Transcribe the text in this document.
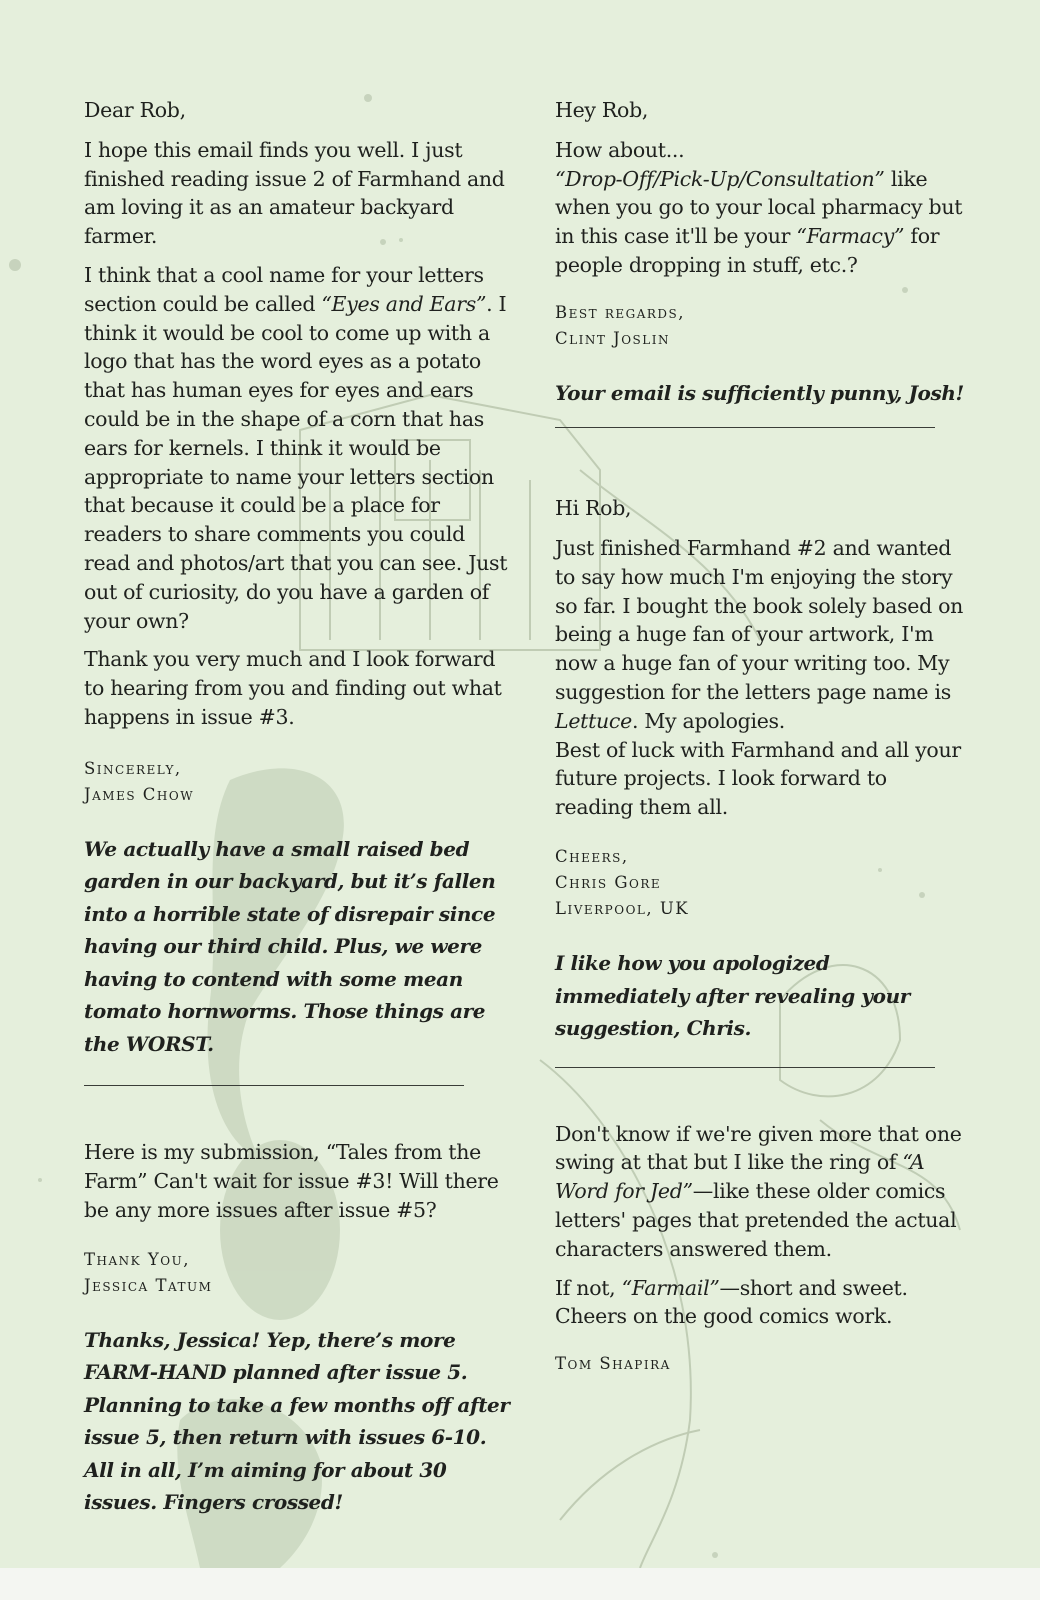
Dear Rob,

I hope this email finds you well. I just finished reading issue 2 of Farmhand and am loving it as an amateur backyard farmer.

I think that a cool name for your letters section could be called “Eyes and Ears”. I think it would be cool to come up with a logo that has the word eyes as a potato that has human eyes for eyes and ears could be in the shape of a corn that has ears for kernels. I think it would be appropriate to name your letters section that because it could be a place for readers to share comments you could read and photos/art that you can see. Just out of curiosity, do you have a garden of your own?

Thank you very much and I look forward to hearing from you and finding out what happens in issue #3.

Sincerely,
James Chow

We actually have a small raised bed garden in our backyard, but it’s fallen into a horrible state of disrepair since having our third child. Plus, we were having to contend with some mean tomato hornworms. Those things are the WORST.

Here is my submission, “Tales from the Farm” Can't wait for issue #3! Will there be any more issues after issue #5?

Thank You,
Jessica Tatum

Thanks, Jessica! Yep, there’s more FARM-HAND planned after issue 5. Planning to take a few months off after issue 5, then return with issues 6-10. All in all, I’m aiming for about 30 issues. Fingers crossed!

Hey Rob,

How about...
“Drop-Off/Pick-Up/Consultation” like when you go to your local pharmacy but in this case it'll be your “Farmacy” for people dropping in stuff, etc.?

Best regards,
Clint Joslin

Your email is sufficiently punny, Josh!

Hi Rob,

Just finished Farmhand #2 and wanted to say how much I'm enjoying the story so far. I bought the book solely based on being a huge fan of your artwork, I'm now a huge fan of your writing too. My suggestion for the letters page name is Lettuce. My apologies.
Best of luck with Farmhand and all your future projects. I look forward to reading them all.

Cheers,
Chris Gore
Liverpool, UK

I like how you apologized immediately after revealing your suggestion, Chris.

Don't know if we're given more that one swing at that but I like the ring of “A Word for Jed”—like these older comics letters' pages that pretended the actual characters answered them.

If not, “Farmail”—short and sweet. Cheers on the good comics work.

Tom Shapira
